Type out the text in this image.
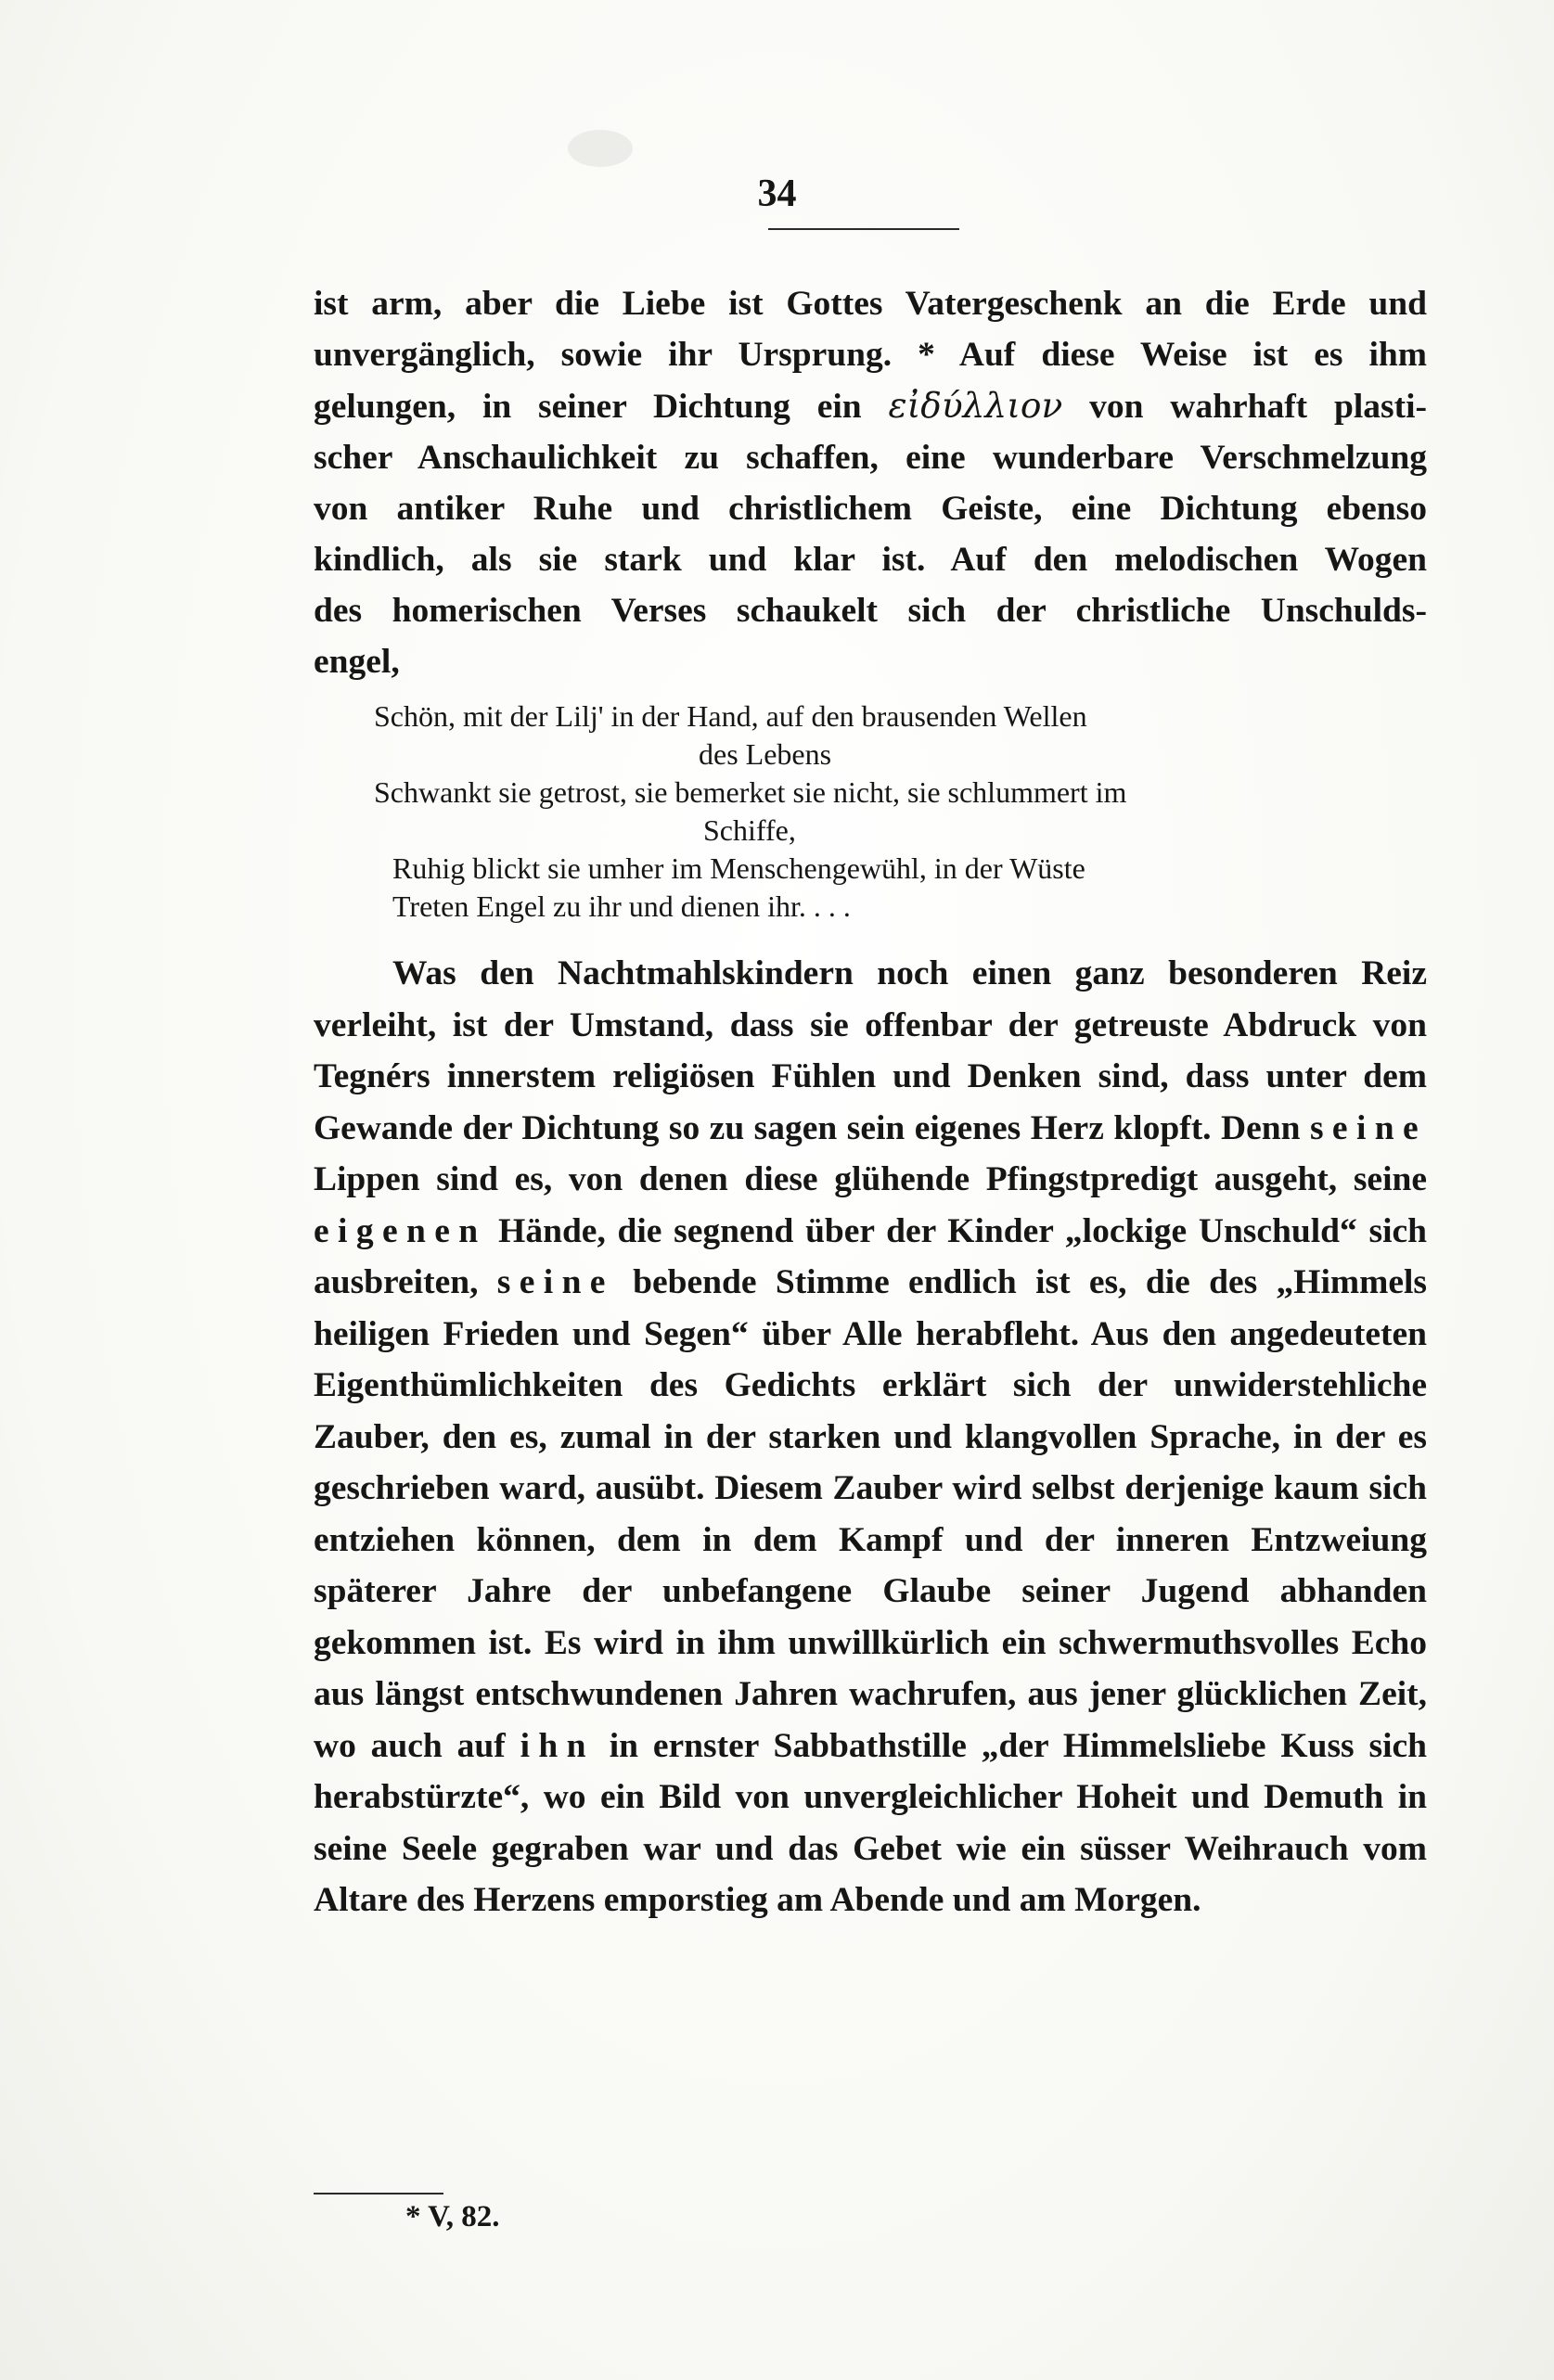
34

ist arm, aber die Liebe ist Gottes Vatergeschenk an die Erde und

unvergänglich, sowie ihr Ursprung. * Auf diese Weise ist es ihm

gelungen, in seiner Dichtung ein εἰδύλλιον von wahrhaft plasti-

scher Anschaulichkeit zu schaffen, eine wunderbare Verschmelzung

von antiker Ruhe und christlichem Geiste, eine Dichtung ebenso

kindlich, als sie stark und klar ist. Auf den melodischen Wogen

des homerischen Verses schaukelt sich der christliche Unschulds-

engel,

Schön, mit der Lilj' in der Hand, auf den brausenden Wellen
des Lebens
Schwankt sie getrost, sie bemerket sie nicht, sie schlummert im
Schiffe,
Ruhig blickt sie umher im Menschengewühl, in der Wüste
Treten Engel zu ihr und dienen ihr. . . .

Was den Nachtmahlskindern noch einen ganz besonderen Reiz verleiht, ist der Umstand, dass sie offenbar der getreuste Abdruck von Tegnérs innerstem religiösen Fühlen und Denken sind, dass unter dem Gewande der Dichtung so zu sagen sein eigenes Herz klopft. Denn seine Lippen sind es, von denen diese glühende Pfingstpredigt ausgeht, seine eigenen Hände, die segnend über der Kinder „lockige Unschuld“ sich ausbreiten, seine bebende Stimme endlich ist es, die des „Himmels heiligen Frieden und Segen“ über Alle herabfleht. Aus den angedeuteten Eigenthümlichkeiten des Gedichts erklärt sich der unwiderstehliche Zauber, den es, zumal in der starken und klangvollen Sprache, in der es geschrieben ward, ausübt. Diesem Zauber wird selbst derjenige kaum sich entziehen können, dem in dem Kampf und der inneren Entzweiung späterer Jahre der unbefangene Glaube seiner Jugend abhanden gekommen ist. Es wird in ihm unwillkürlich ein schwermuthsvolles Echo aus längst entschwundenen Jahren wachrufen, aus jener glücklichen Zeit, wo auch auf ihn in ernster Sabbathstille „der Himmelsliebe Kuss sich herabstürzte“, wo ein Bild von unvergleichlicher Hoheit und Demuth in seine Seele gegraben war und das Gebet wie ein süsser Weihrauch vom Altare des Herzens emporstieg am Abende und am Morgen.

* V, 82.
